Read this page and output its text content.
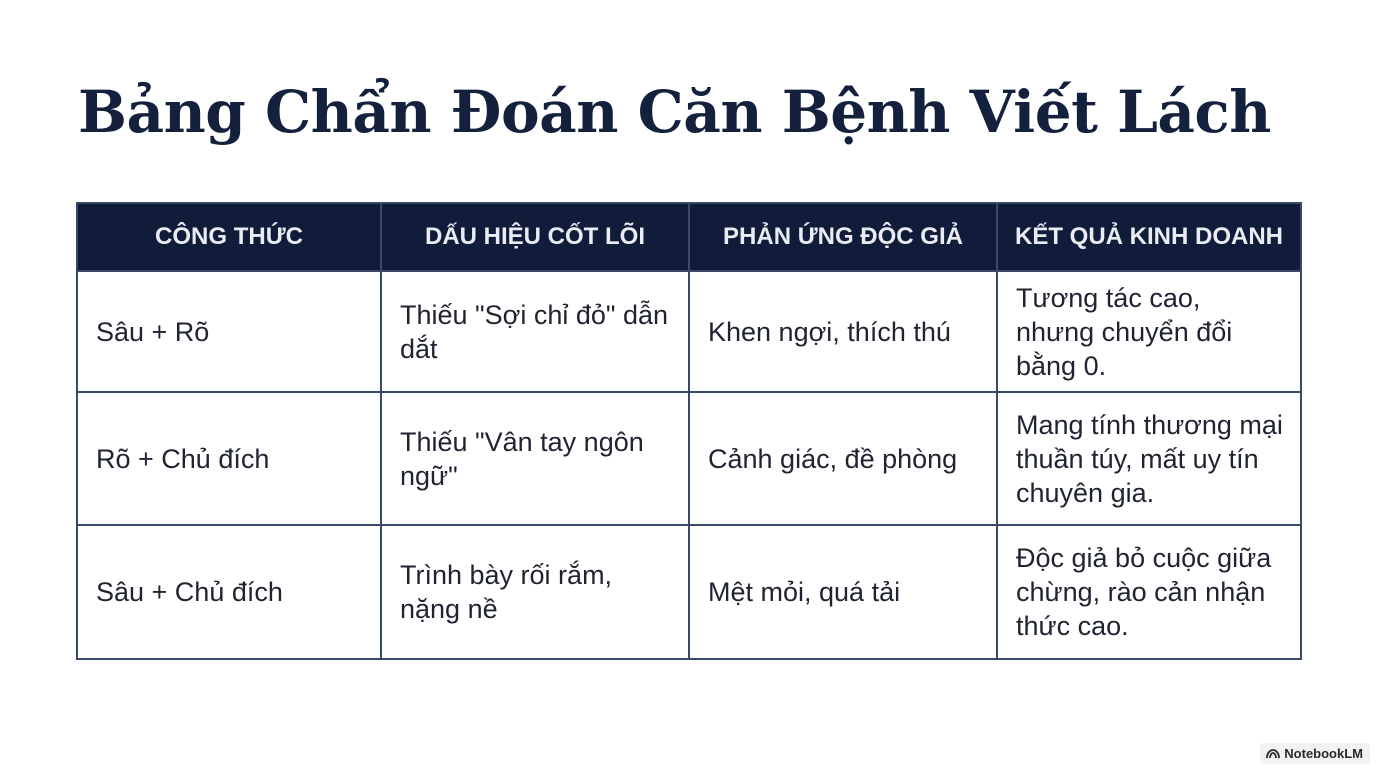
Bảng Chẩn Đoán Căn Bệnh Viết Lách
CÔNG THỨC	DẤU HIỆU CỐT LÕI	PHẢN ỨNG ĐỘC GIẢ	KẾT QUẢ KINH DOANH
Sâu + Rõ	Thiếu "Sợi chỉ đỏ" dẫn dắt	Khen ngợi, thích thú	Tương tác cao, nhưng chuyển đổi bằng 0.
Rõ + Chủ đích	Thiếu "Vân tay ngôn ngữ"	Cảnh giác, đề phòng	Mang tính thương mại thuần túy, mất uy tín chuyên gia.
Sâu + Chủ đích	Trình bày rối rắm, nặng nề	Mệt mỏi, quá tải	Độc giả bỏ cuộc giữa chừng, rào cản nhận thức cao.
NotebookLM
